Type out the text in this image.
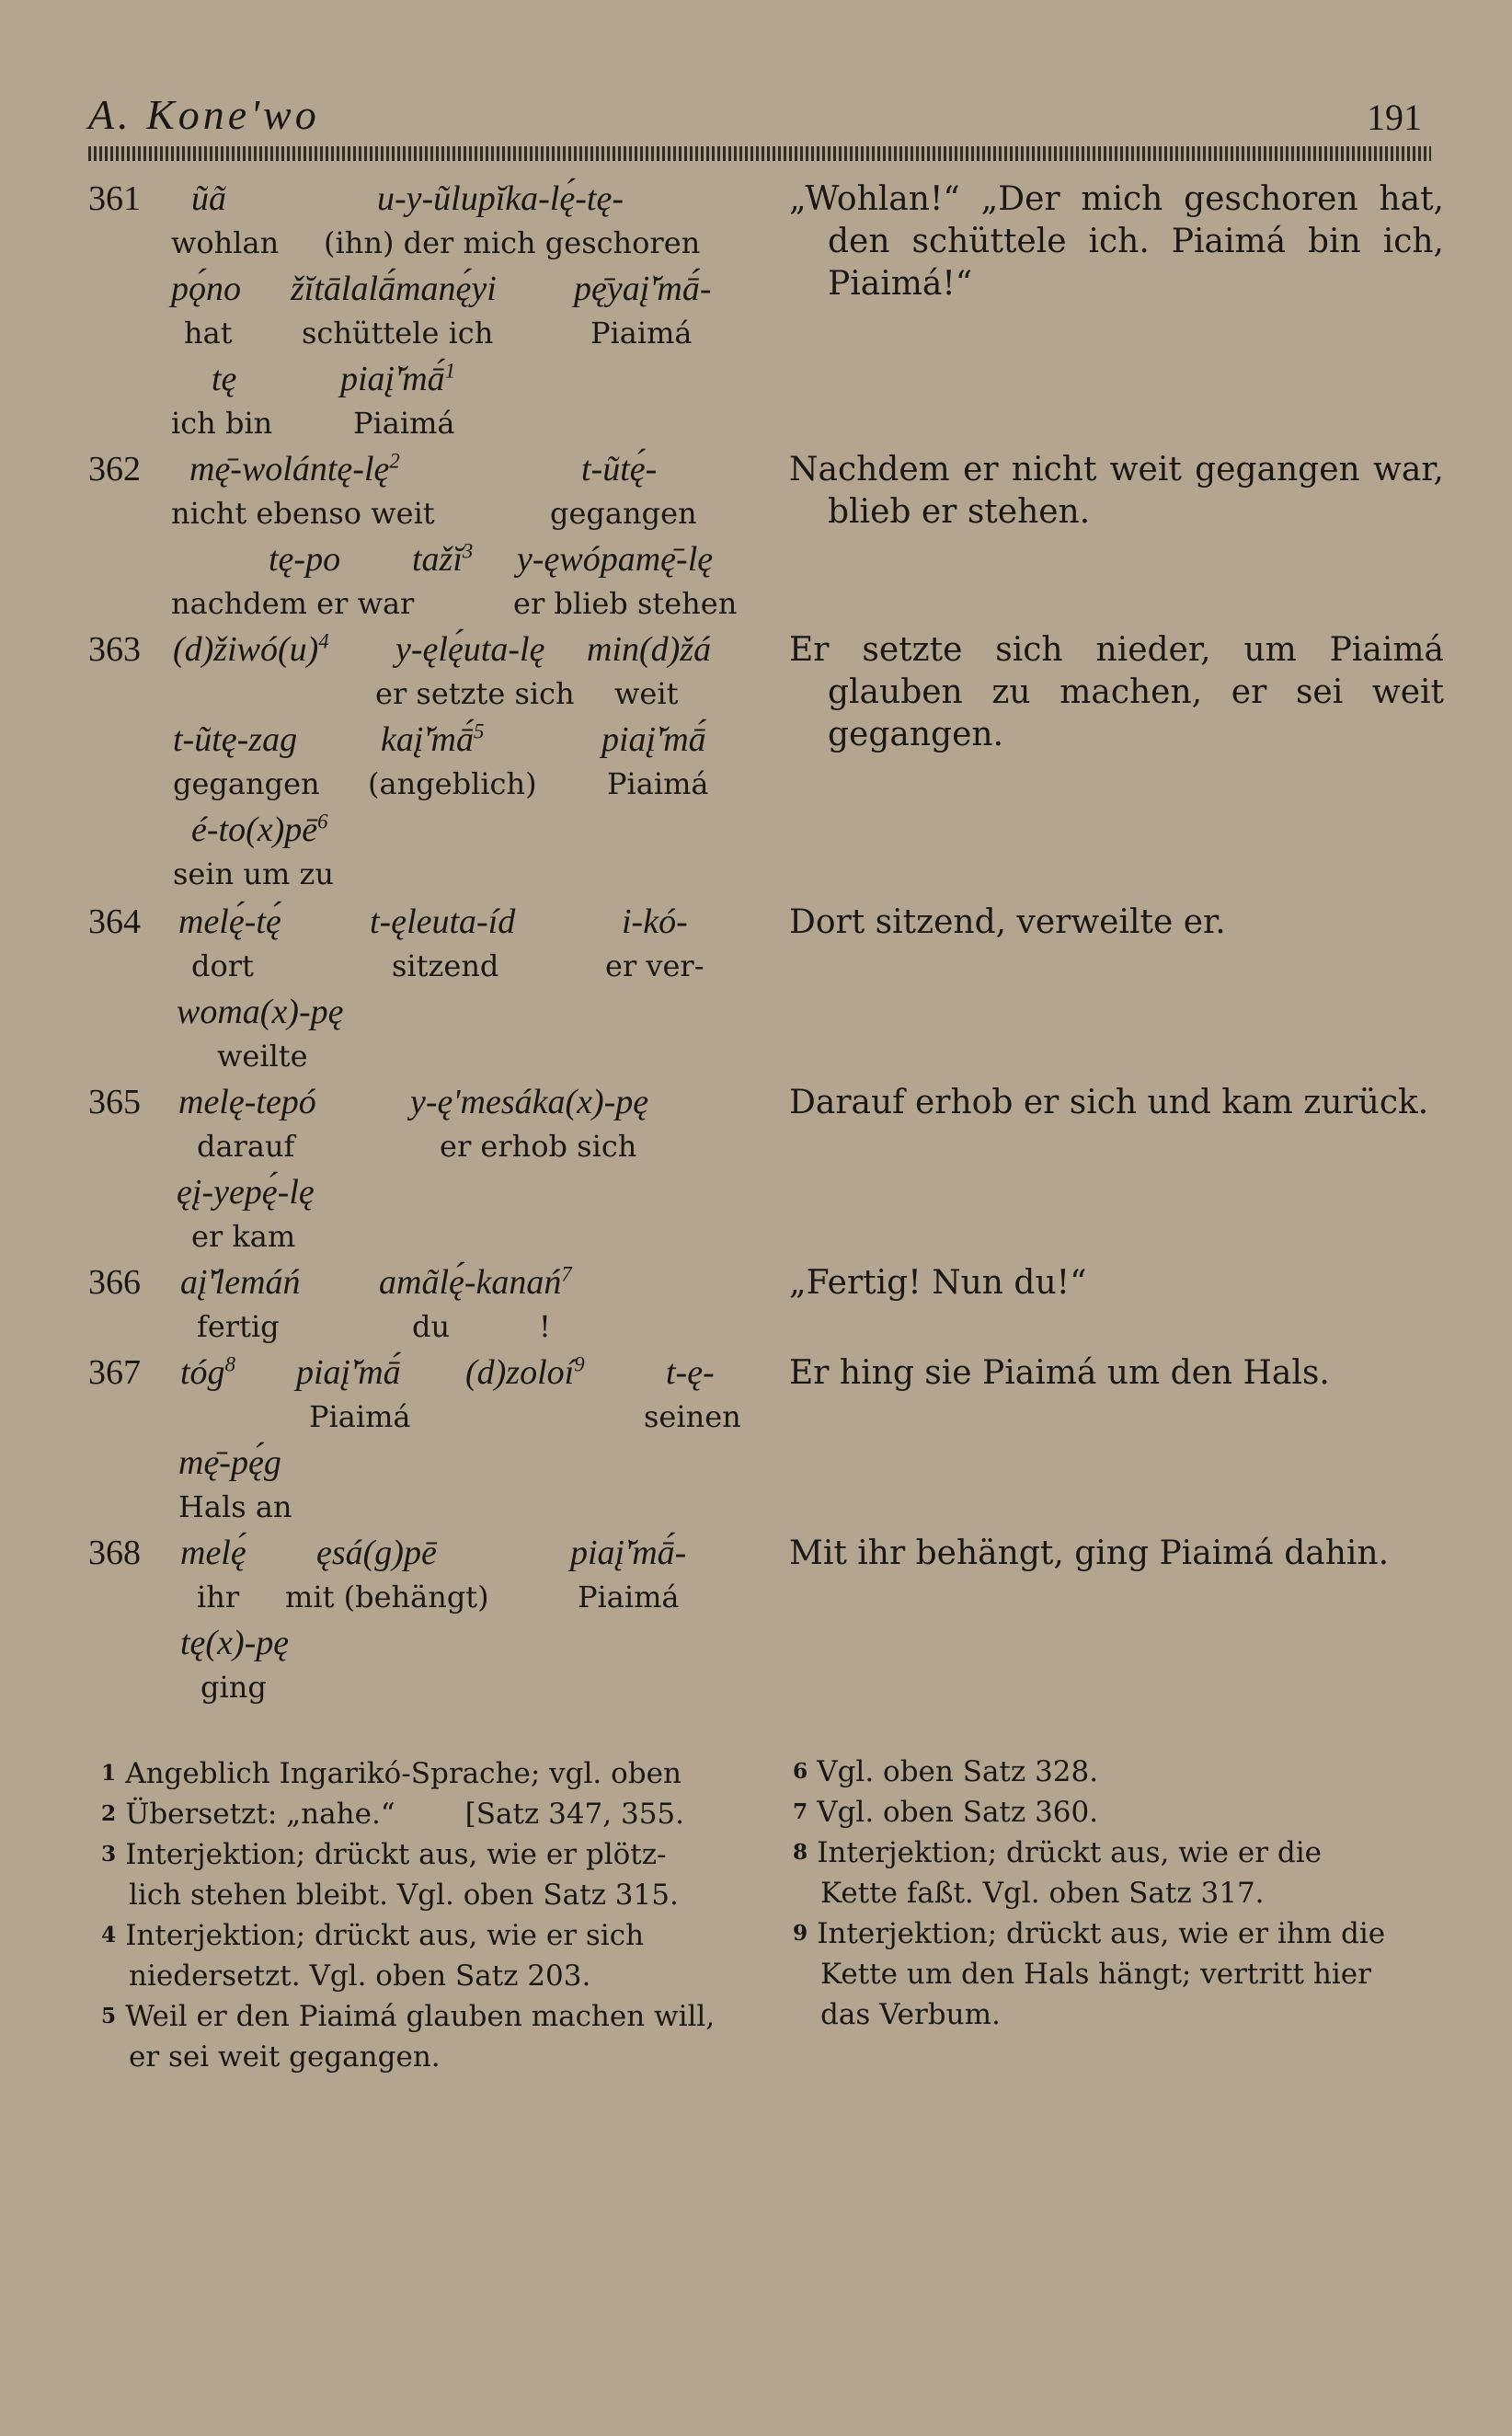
A. Kone'wo	191
361 ũã
wohlan
u-y-ũlupĭka-lę́-tę-
(ihn) der mich geschoren
pǫ́no
hat
žĭtālalā́manę́yi
schüttele ich
pę̄yaį̆'mā́-
Piaimá
tę
ich bin
piaį̆'mā́$^1$
Piaimá
„Wohlan!“ „Der mich geschoren hat, den schüttele ich. Piaimá bin ich, Piaimá!“
362 $mę̄-wolántę-lę^2$
nicht ebenso weit
t-ũtę́-
gegangen
tę-po
nachdem er war
tažĭ$^3$ y-ęwópamę̄-lę
er blieb stehen
Nachdem er nicht weit gegangen war, blieb er stehen.
363 $(d)žiwó(u)^4$ y-ęlę́uta-lę
er setzte sich
min(d)žá
weit
t-ũtę-zag
gegangen
kaį̆'mā́$^5$
(angeblich)
piaį̆'mā́
Piaimá
$é-to(x)pē^6$
sein um zu
Er setzte sich nieder, um Piaimá glauben zu machen, er sei weit gegangen.
364 melę́-tę́
dort
t-ęleuta-íd
sitzend
i-kó-
er ver-
woma(x)-pę
weilte
Dort sitzend, verweilte er.
365 melę-tepó
darauf
y-ę'mesáka(x)-pę
er erhob sich
ęį-yepę́-lę
er kam
Darauf erhob er sich und kam zurück.
366 aį̆'lemáń
fertig
amãlę́-kanań$^7$
du	!
„Fertig! Nun du!“
367 tóg$^8$ piaį̆'mā́
Piaimá
(d)zoloí$^9$ t-ę-
seinen
mę̄-pę́g
Hals an
Er hing sie Piaimá um den Hals.
368 melę́
ihr
ęsá(g)pē
mit (behängt)
piaį̆'mā́-
Piaimá
tę(x)-pę
ging
Mit ihr behängt, ging Piaimá dahin.
$^1$ Angeblich Ingarikó-Sprache; vgl. oben
$^2$ Übersetzt: „nahe.“ [Satz 347, 355.
$^3$ Interjektion; drückt aus, wie er plötz-
lich stehen bleibt. Vgl. oben Satz 315.
$^4$ Interjektion; drückt aus, wie er sich
niedersetzt. Vgl. oben Satz 203.
$^5$ Weil er den Piaimá glauben machen will,
er sei weit gegangen.
$^6$ Vgl. oben Satz 328.
$^7$ Vgl. oben Satz 360.
$^8$ Interjektion; drückt aus, wie er die
Kette faßt. Vgl. oben Satz 317.
$^9$ Interjektion; drückt aus, wie er ihm die
Kette um den Hals hängt; vertritt hier
das Verbum.
